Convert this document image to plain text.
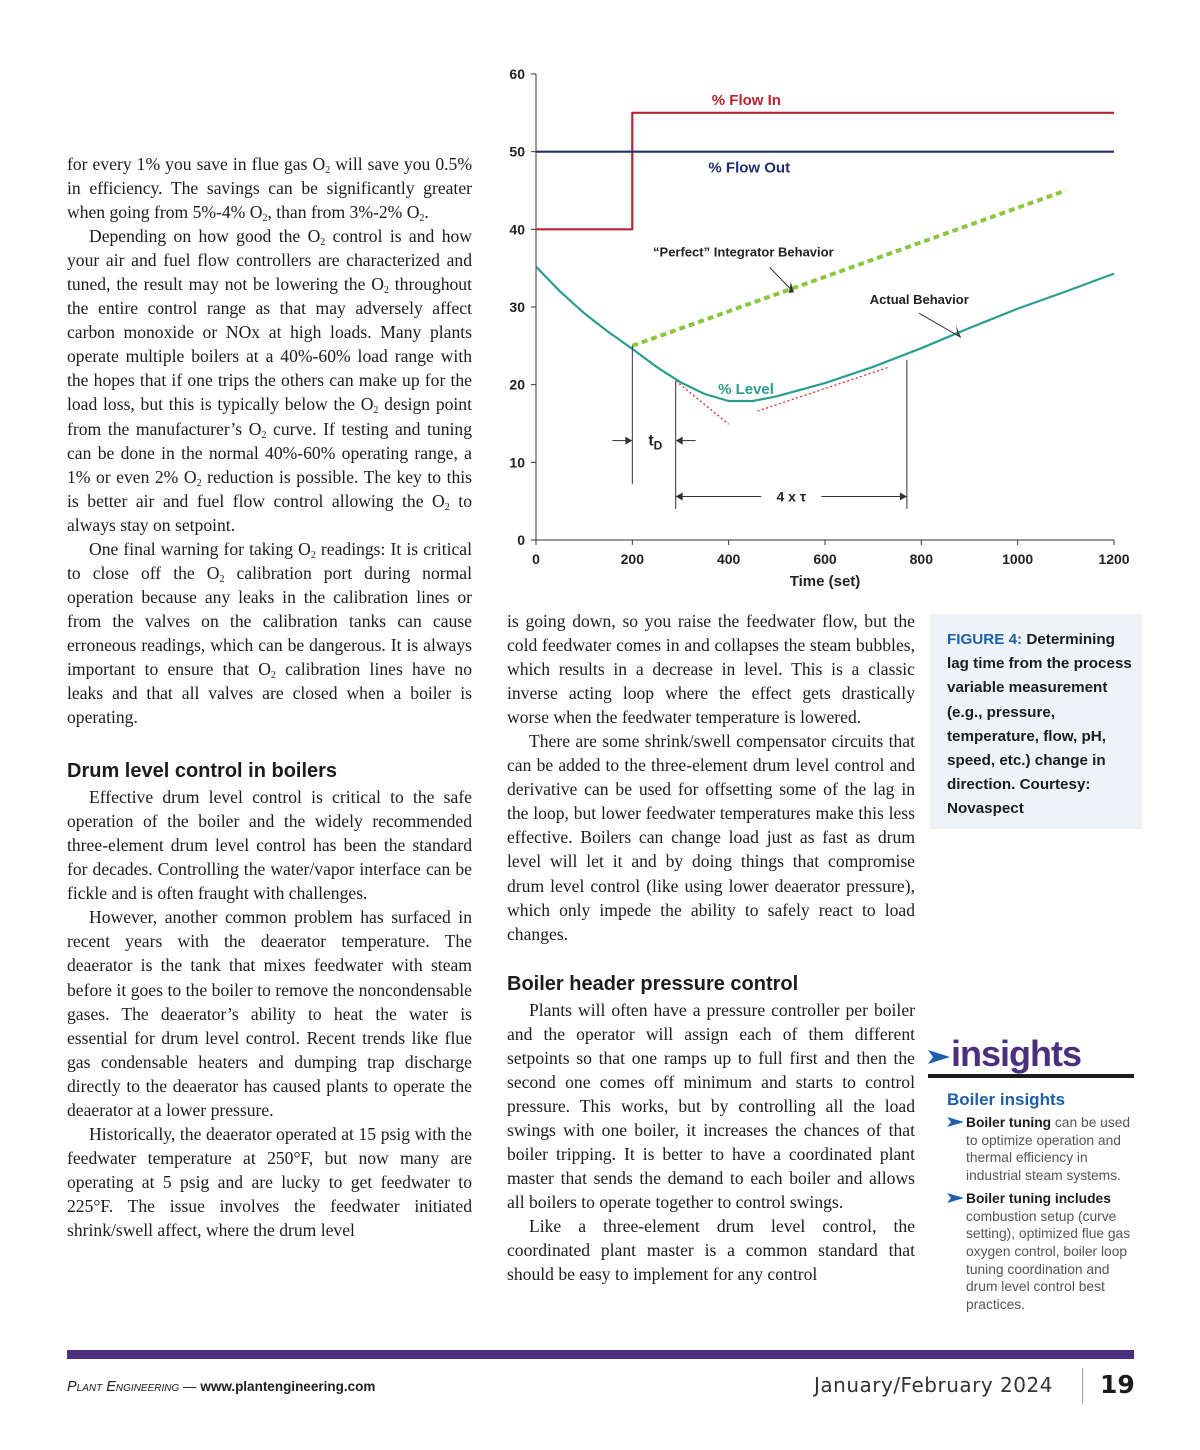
for every 1% you save in flue gas $O_2$ will save you 0.5% in efficiency. The savings can be significantly greater when going from 5%-4% $O_2$, than from 3%-2% $O_2$.

Depending on how good the $O_2$ control is and how your air and fuel flow controllers are characterized and tuned, the result may not be lowering the $O_2$ throughout the entire control range as that may adversely affect carbon monoxide or NOx at high loads. Many plants operate multiple boilers at a 40%-60% load range with the hopes that if one trips the others can make up for the load loss, but this is typically below the $O_2$ design point from the manufacturer’s $O_2$ curve. If testing and tuning can be done in the normal 40%-60% operating range, a 1% or even 2% $O_2$ reduction is possible. The key to this is better air and fuel flow control allowing the $O_2$ to always stay on setpoint.

One final warning for taking $O_2$ readings: It is critical to close off the $O_2$ calibration port during normal operation because any leaks in the calibration lines or from the valves on the calibration tanks can cause erroneous readings, which can be dangerous. It is always important to ensure that $O_2$ calibration lines have no leaks and that all valves are closed when a boiler is operating.

Drum level control in boilers

Effective drum level control is critical to the safe operation of the boiler and the widely recommended three-element drum level control has been the standard for decades. Controlling the water/vapor interface can be fickle and is often fraught with challenges.

However, another common problem has surfaced in recent years with the deaerator temperature. The deaerator is the tank that mixes feedwater with steam before it goes to the boiler to remove the noncondensable gases. The deaerator’s ability to heat the water is essential for drum level control. Recent trends like flue gas condensable heaters and dumping trap discharge directly to the deaerator has caused plants to operate the deaerator at a lower pressure.

Historically, the deaerator operated at 15 psig with the feedwater temperature at 250°F, but now many are operating at 5 psig and are lucky to get feedwater to 225°F. The issue involves the feedwater initiated shrink/swell affect, where the drum level

0
10
20
30
40
50
60
0	200	400	600	800	1000	1200
Time (set)
$t_D$
4 x τ
% Flow In
% Flow Out
“Perfect” Integrator Behavior
Actual Behavior
% Level

is going down, so you raise the feedwater flow, but the cold feedwater comes in and collapses the steam bubbles, which results in a decrease in level. This is a classic inverse acting loop where the effect gets drastically worse when the feedwater temperature is lowered.

There are some shrink/swell compensator circuits that can be added to the three-element drum level control and derivative can be used for offsetting some of the lag in the loop, but lower feedwater temperatures make this less effective. Boilers can change load just as fast as drum level will let it and by doing things that compromise drum level control (like using lower deaerator pressure), which only impede the ability to safely react to load changes.

Boiler header pressure control

Plants will often have a pressure controller per boiler and the operator will assign each of them different setpoints so that one ramps up to full first and then the second one comes off minimum and starts to control pressure. This works, but by controlling all the load swings with one boiler, it increases the chances of that boiler tripping. It is better to have a coordinated plant master that sends the demand to each boiler and allows all boilers to operate together to control swings.

Like a three-element drum level control, the coordinated plant master is a common standard that should be easy to implement for any control

FIGURE 4: Determining lag time from the process variable measurement (e.g., pressure, temperature, flow, pH, speed, etc.) change in direction. Courtesy: Novaspect
insights
Boiler insights
Boiler tuning can be used to optimize operation and thermal efficiency in industrial steam systems.
Boiler tuning includes combustion setup (curve setting), optimized flue gas oxygen control, boiler loop tuning coordination and drum level control best practices.
Plant Engineering — www.plantengineering.com	January/February 2024 19
